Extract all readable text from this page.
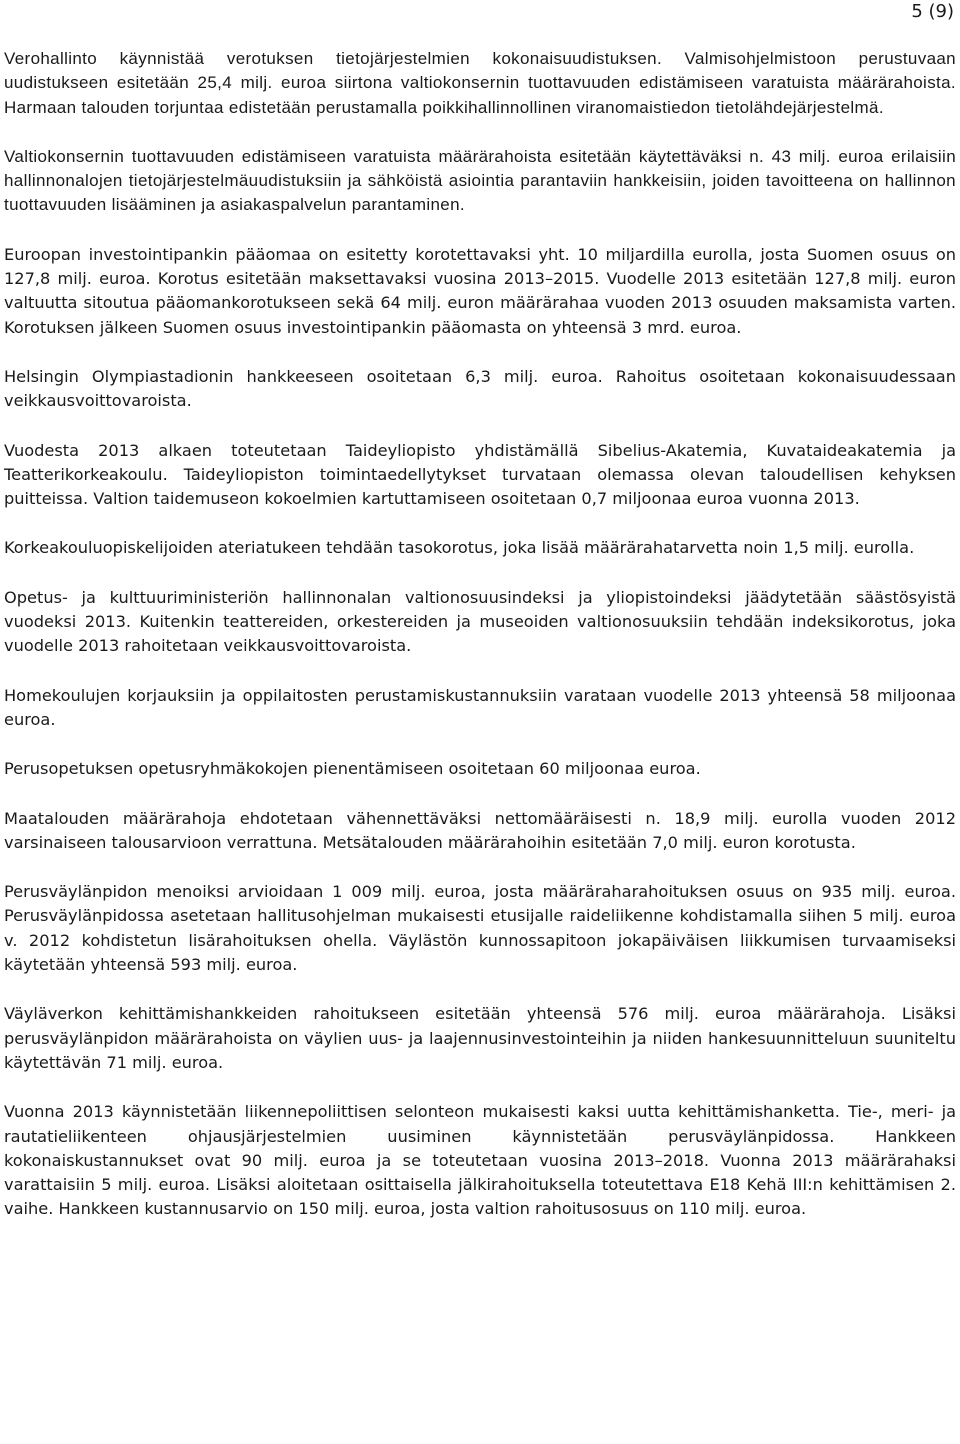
5 (9)

Verohallinto käynnistää verotuksen tietojärjestelmien kokonaisuudistuksen. Valmisohjelmistoon perustuvaan uudistukseen esitetään 25,4 milj. euroa siirtona valtiokonsernin tuottavuuden edistämiseen varatuista määrärahoista. Harmaan talouden torjuntaa edistetään perustamalla poikkihallinnollinen viranomaistiedon tietolähdejärjestelmä.

Valtiokonsernin tuottavuuden edistämiseen varatuista määrärahoista esitetään käytettäväksi n. 43 milj. euroa erilaisiin hallinnonalojen tietojärjestelmäuudistuksiin ja sähköistä asiointia parantaviin hankkeisiin, joiden tavoitteena on hallinnon tuottavuuden lisääminen ja asiakaspalvelun parantaminen.

Euroopan investointipankin pääomaa on esitetty korotettavaksi yht. 10 miljardilla eurolla, josta Suomen osuus on 127,8 milj. euroa. Korotus esitetään maksettavaksi vuosina 2013–2015. Vuodelle 2013 esitetään 127,8 milj. euron valtuutta sitoutua pääomankorotukseen sekä 64 milj. euron määrärahaa vuoden 2013 osuuden maksamista varten. Korotuksen jälkeen Suomen osuus investointipankin pääomasta on yhteensä 3 mrd. euroa.

Helsingin Olympiastadionin hankkeeseen osoitetaan 6,3 milj. euroa. Rahoitus osoitetaan kokonaisuudessaan veikkausvoittovaroista.

Vuodesta 2013 alkaen toteutetaan Taideyliopisto yhdistämällä Sibelius-Akatemia, Kuvataideakatemia ja Teatterikorkeakoulu. Taideyliopiston toimintaedellytykset turvataan olemassa olevan taloudellisen kehyksen puitteissa. Valtion taidemuseon kokoelmien kartuttamiseen osoitetaan 0,7 miljoonaa euroa vuonna 2013.

Korkeakouluopiskelijoiden ateriatukeen tehdään tasokorotus, joka lisää määrärahatarvetta noin 1,5 milj. eurolla.

Opetus- ja kulttuuriministeriön hallinnonalan valtionosuusindeksi ja yliopistoindeksi jäädytetään säästösyistä vuodeksi 2013. Kuitenkin teattereiden, orkestereiden ja museoiden valtionosuuksiin tehdään indeksikorotus, joka vuodelle 2013 rahoitetaan veikkausvoittovaroista.

Homekoulujen korjauksiin ja oppilaitosten perustamiskustannuksiin varataan vuodelle 2013 yhteensä 58 miljoonaa euroa.

Perusopetuksen opetusryhmäkokojen pienentämiseen osoitetaan 60 miljoonaa euroa.

Maatalouden määrärahoja ehdotetaan vähennettäväksi nettomääräisesti n. 18,9 milj. eurolla vuoden 2012 varsinaiseen talousarvioon verrattuna. Metsätalouden määrärahoihin esitetään 7,0 milj. euron korotusta.

Perusväylänpidon menoiksi arvioidaan 1 009 milj. euroa, josta määräraharahoituksen osuus on 935 milj. euroa. Perusväylänpidossa asetetaan hallitusohjelman mukaisesti etusijalle raideliikenne kohdistamalla siihen 5 milj. euroa v. 2012 kohdistetun lisärahoituksen ohella. Väylästön kunnossapitoon jokapäiväisen liikkumisen turvaamiseksi käytetään yhteensä 593 milj. euroa.

Väyläverkon kehittämishankkeiden rahoitukseen esitetään yhteensä 576 milj. euroa määrärahoja. Lisäksi perusväylänpidon määrärahoista on väylien uus- ja laajennusinvestointeihin ja niiden hankesuunnitteluun suuniteltu käytettävän 71 milj. euroa.

Vuonna 2013 käynnistetään liikennepoliittisen selonteon mukaisesti kaksi uutta kehittämishanketta. Tie-, meri- ja rautatieliikenteen ohjausjärjestelmien uusiminen käynnistetään perusväylänpidossa. Hankkeen kokonaiskustannukset ovat 90 milj. euroa ja se toteutetaan vuosina 2013–2018. Vuonna 2013 määrärahaksi varattaisiin 5 milj. euroa. Lisäksi aloitetaan osittaisella jälkirahoituksella toteutettava E18 Kehä III:n kehittämisen 2. vaihe. Hankkeen kustannusarvio on 150 milj. euroa, josta valtion rahoitusosuus on 110 milj. euroa.
